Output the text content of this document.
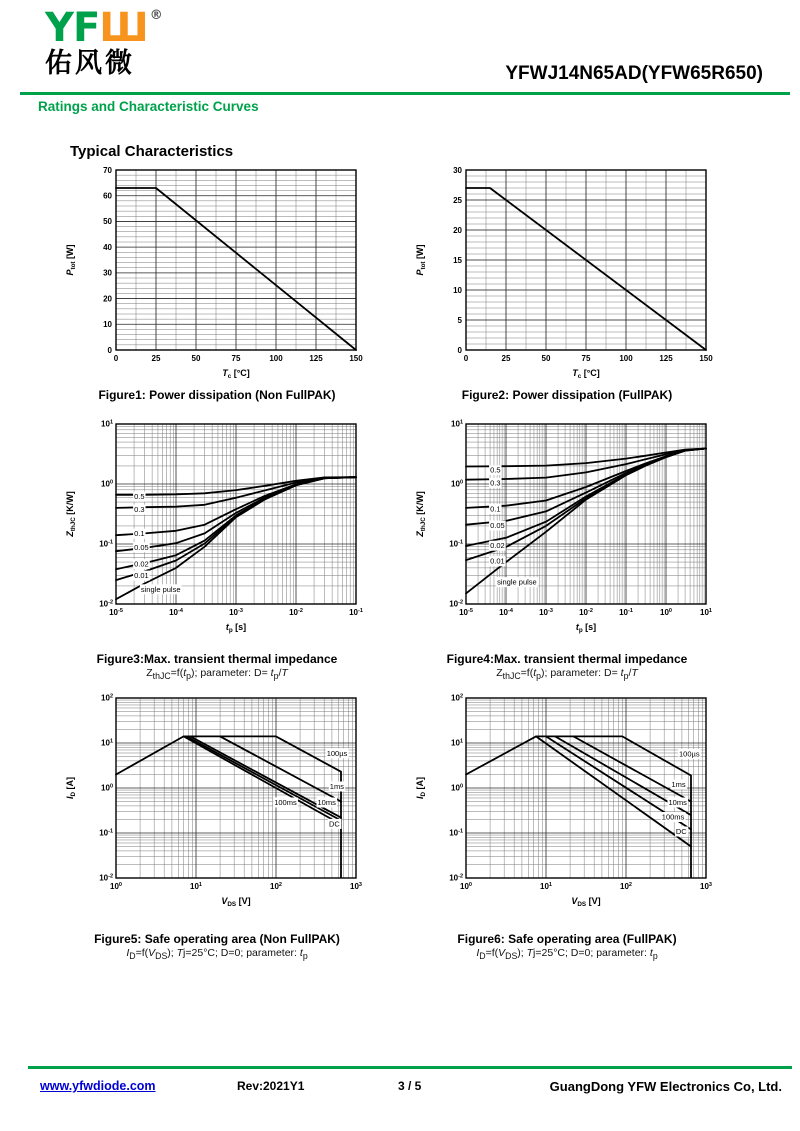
YFШ ®
佑风微	YFWJ14N65AD(YFW65R650)
Ratings and Characteristic Curves
Typical Characteristics
0	25	50	75	100	125	150
0
10
20
30
40
50
60
70
$T_c$ [°C]
$P_{tot}$ [W]
Figure1: Power dissipation (Non FullPAK)
0	25	50	75	100	125	150
0
5
10
15
20
25
30
$T_c$ [°C]
$P_{tot}$ [W]
Figure2: Power dissipation (FullPAK)
0.5
0.3
0.1
0.05
0.02
0.01
single pulse
$10^{-5}$	$10^{-4}$	$10^{-3}$	$10^{-2}$	$10^{-1}$
$10^{-2}$
$10^{-1}$
$10^0$
$10^1$
$t_p$ [s]
$Z_{thJC}$ [K/W]
Figure3:Max. transient thermal impedance
$Z_{thJC}=f(t_p)$; parameter: $D= t_p/T$
0.5
0.3
0.1
0.05
0.02
0.01
single pulse
$10^{-5}$	$10^{-4}$	$10^{-3}$	$10^{-2}$	$10^{-1}$	$10^0$	$10^1$
$10^{-2}$
$10^{-1}$
$10^0$
$10^1$
$t_p$ [s]
$Z_{thJC}$ [K/W]
Figure4:Max. transient thermal impedance
$Z_{thJC}=f(t_p)$; parameter: $D= t_p/T$
100µs
1ms
100ms	10ms
DC
$10^0$	$10^1$	$10^2$	$10^3$
$10^{-2}$
$10^{-1}$
$10^0$
$10^1$
$10^2$
$V_{DS}$ [V]
$I_D$ [A]
Figure5: Safe operating area (Non FullPAK)
$I_D=f(V_{DS})$; Tj=25°C; D=0; parameter: $t_p$
100µs
1ms
10ms
100ms
DC
$10^0$	$10^1$	$10^2$	$10^3$
$10^{-2}$
$10^{-1}$
$10^0$
$10^1$
$10^2$
$V_{DS}$ [V]
$I_D$ [A]
Figure6: Safe operating area (FullPAK)
$I_D=f(V_{DS})$; Tj=25°C; D=0; parameter: $t_p$
www.yfwdiode.com	Rev:2021Y1	3 / 5	GuangDong YFW Electronics Co, Ltd.
